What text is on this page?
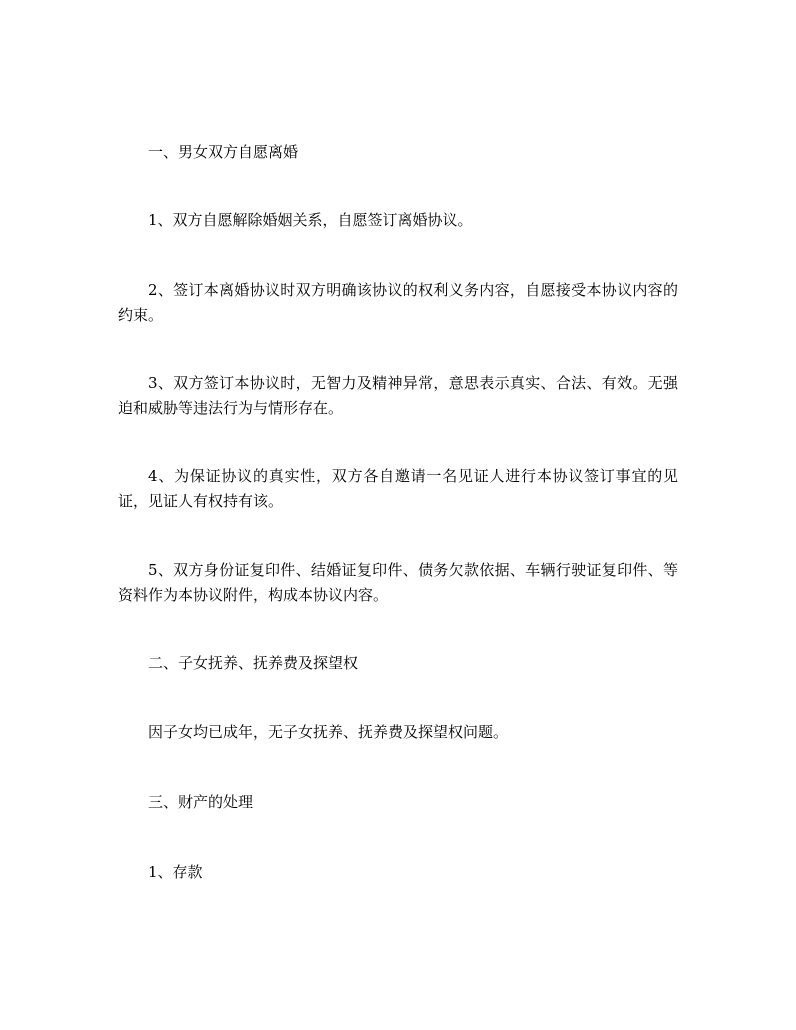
一、男女双方自愿离婚

1、双方自愿解除婚姻关系，自愿签订离婚协议。

2、签订本离婚协议时双方明确该协议的权利义务内容，自愿接受本协议内容的约束。

3、双方签订本协议时，无智力及精神异常，意思表示真实、合法、有效。无强迫和威胁等违法行为与情形存在。

4、为保证协议的真实性，双方各自邀请一名见证人进行本协议签订事宜的见证，见证人有权持有该。

5、双方身份证复印件、结婚证复印件、债务欠款依据、车辆行驶证复印件、等资料作为本协议附件，构成本协议内容。

二、子女抚养、抚养费及探望权

因子女均已成年，无子女抚养、抚养费及探望权问题。

三、财产的处理

1、存款
